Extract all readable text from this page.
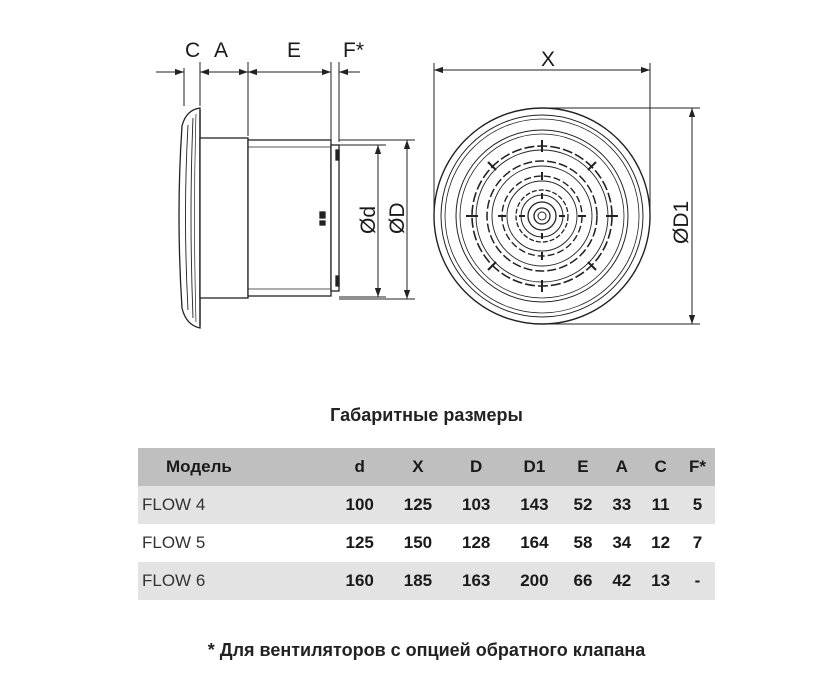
C A	E F*
Ød ØD
X
ØD1
Габаритные размеры
Модель	d	X	D	D1	E	A	C	F*
FLOW 4	100	125	103	143	52	33	11	5
FLOW 5	125	150	128	164	58	34	12	7
FLOW 6	160	185	163	200	66	42	13	-
* Для вентиляторов с опцией обратного клапана
